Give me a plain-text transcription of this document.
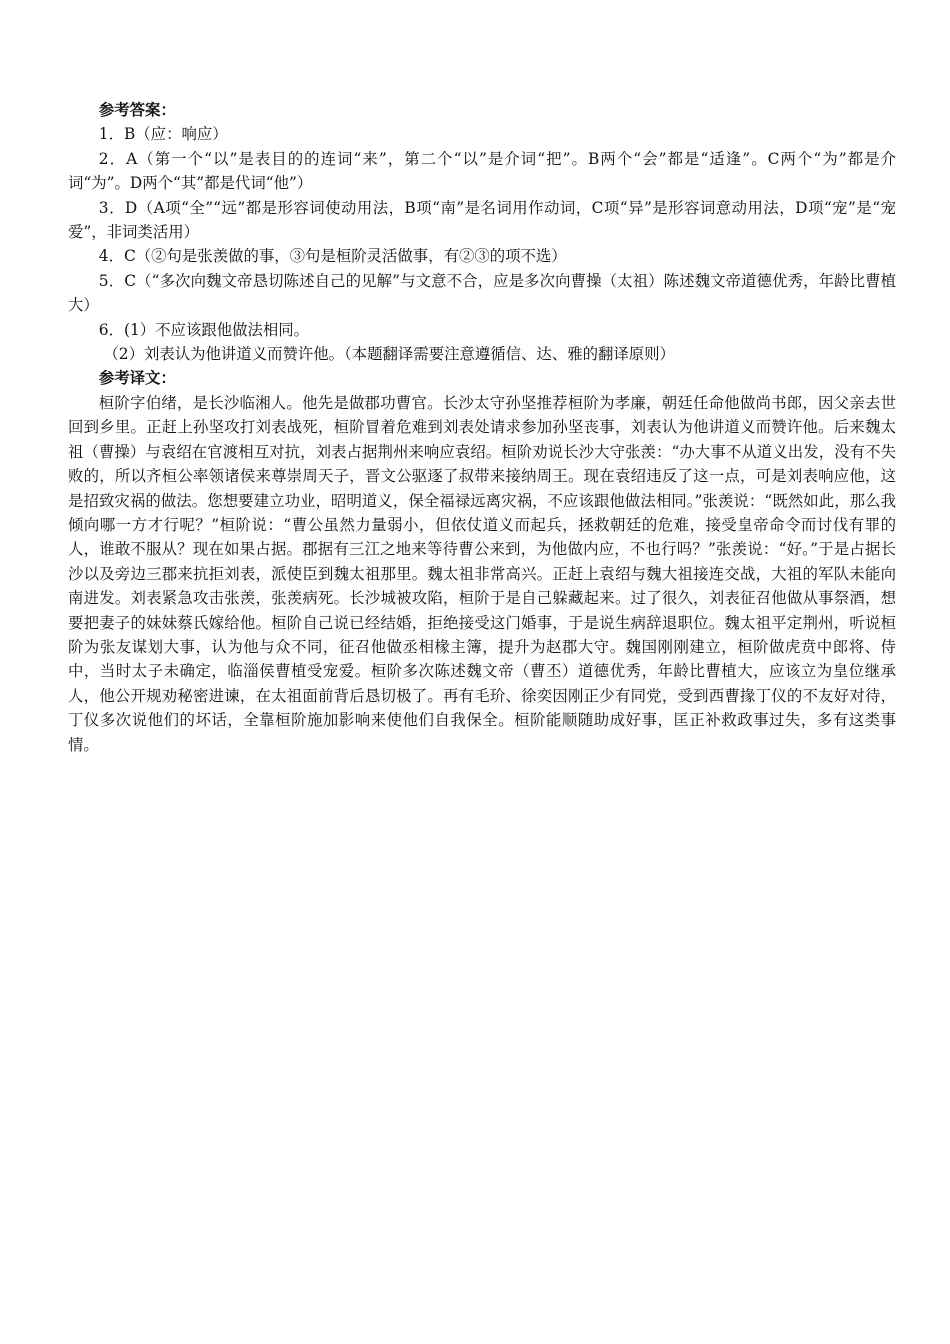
参考答案：

1．B（应：响应）

2．A（第一个“以”是表目的的连词“来”，第二个“以”是介词“把”。B两个“会”都是“适逢”。C两个“为”都是介词“为”。D两个“其”都是代词“他”）

3．D（A项“全”“远”都是形容词使动用法，B项“南”是名词用作动词，C项“异”是形容词意动用法，D项“宠”是“宠爱”，非词类活用）

4．C（②句是张羡做的事，③句是桓阶灵活做事，有②③的项不选）

5．C（“多次向魏文帝恳切陈述自己的见解”与文意不合，应是多次向曹操（太祖）陈述魏文帝道德优秀，年龄比曹植大）

6．(1）不应该跟他做法相同。

（2）刘表认为他讲道义而赞许他。（本题翻译需要注意遵循信、达、雅的翻译原则）

参考译文：

桓阶字伯绪，是长沙临湘人。他先是做郡功曹官。长沙太守孙坚推荐桓阶为孝廉，朝廷任命他做尚书郎，因父亲去世回到乡里。正赶上孙坚攻打刘表战死，桓阶冒着危难到刘表处请求参加孙坚丧事，刘表认为他讲道义而赞许他。后来魏太祖（曹操）与袁绍在官渡相互对抗，刘表占据荆州来响应袁绍。桓阶劝说长沙大守张羡：“办大事不从道义出发，没有不失败的，所以齐桓公率领诸侯来尊崇周天子，晋文公驱逐了叔带来接纳周王。现在袁绍违反了这一点，可是刘表响应他，这是招致灾祸的做法。您想要建立功业，昭明道义，保全福禄远离灾祸，不应该跟他做法相同。”张羡说：“既然如此，那么我倾向哪一方才行呢？”桓阶说：“曹公虽然力量弱小，但依仗道义而起兵，拯救朝廷的危难，接受皇帝命令而讨伐有罪的人，谁敢不服从？现在如果占据。郡据有三江之地来等待曹公来到，为他做内应，不也行吗？”张羡说：“好。”于是占据长沙以及旁边三郡来抗拒刘表，派使臣到魏太祖那里。魏太祖非常高兴。正赶上袁绍与魏大祖接连交战，大祖的军队未能向南进发。刘表紧急攻击张羡，张羡病死。长沙城被攻陷，桓阶于是自己躲藏起来。过了很久，刘表征召他做从事祭酒，想要把妻子的妹妹蔡氏嫁给他。桓阶自己说已经结婚，拒绝接受这门婚事，于是说生病辞退职位。魏太祖平定荆州，听说桓阶为张友谋划大事，认为他与众不同，征召他做丞相椽主簿，提升为赵郡大守。魏国刚刚建立，桓阶做虎贲中郎将、侍中，当时太子未确定，临淄侯曹植受宠爱。桓阶多次陈述魏文帝（曹丕）道德优秀，年龄比曹植大，应该立为皇位继承人，他公开规劝秘密进谏，在太祖面前背后恳切极了。再有毛玠、徐奕因刚正少有同党，受到西曹掾丁仪的不友好对待，丁仪多次说他们的坏话，全靠桓阶施加影响来使他们自我保全。桓阶能顺随助成好事，匡正补救政事过失，多有这类事情。
